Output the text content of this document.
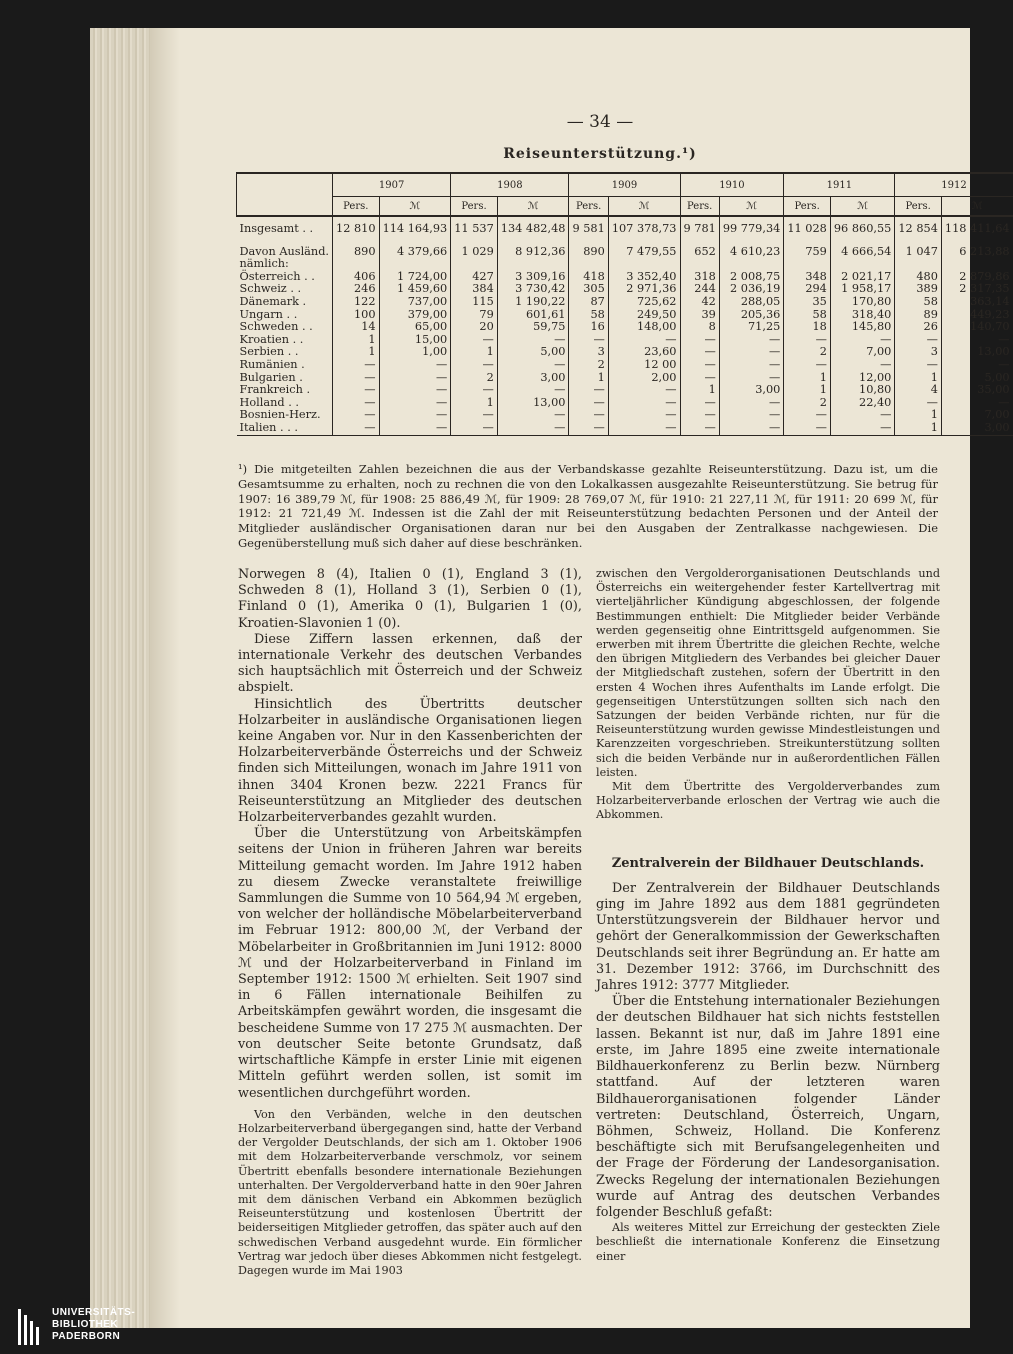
— 34 —
Reiseunterstützung.¹)
	1907		1908		1909		1910		1911		1912	
	Pers.	ℳ	Pers.	ℳ	Pers.	ℳ	Pers.	ℳ	Pers.	ℳ	Pers.	ℳ
Insgesamt . .	12 810	114 164,93	11 537	134 482,48	9 581	107 378,73	9 781	99 779,34	11 028	96 860,55	12 854	118 411,64

Davon Ausländ.	890	4 379,66	1 029	8 912,36	890	7 479,55	652	4 610,23	759	4 666,54	1 047	6 213,88
nämlich:												
Österreich . .	406	1 724,00	427	3 309,16	418	3 352,40	318	2 008,75	348	2 021,17	480	2 879,86
Schweiz . .	246	1 459,60	384	3 730,42	305	2 971,36	244	2 036,19	294	1 958,17	389	2 317,35
Dänemark .	122	737,00	115	1 190,22	87	725,62	42	288,05	35	170,80	58	363,14
Ungarn . .	100	379,00	79	601,61	58	249,50	39	205,36	58	318,40	89	449,23
Schweden . .	14	65,00	20	59,75	16	148,00	8	71,25	18	145,80	26	140,70
Kroatien . .	1	15,00	—	—	—	—	—	—	—	—	—	—
Serbien . .	1	1,00	1	5,00	3	23,60	—	—	2	7,00	3	13,00
Rumänien .	—	—	—	—	2	12 00	—	—	—	—	—	—
Bulgarien .	—	—	2	3,00	1	2,00	—	—	1	12,00	1	5,00
Frankreich .	—	—	—	—	—	—	1	3,00	1	10,80	4	35,00
Holland . .	—	—	1	13,00	—	—	—	—	2	22,40	—	—
Bosnien-Herz.	—	—	—	—	—	—	—	—	—	—	1	7,00
Italien . . .	—	—	—	—	—	—	—	—	—	—	1	3,00
¹) Die mitgeteilten Zahlen bezeichnen die aus der Verbandskasse gezahlte Reiseunterstützung. Dazu ist, um die Gesamtsumme zu erhalten, noch zu rechnen die von den Lokalkassen ausgezahlte Reiseunterstützung. Sie betrug für 1907: 16 389,79 ℳ, für 1908: 25 886,49 ℳ, für 1909: 28 769,07 ℳ, für 1910: 21 227,11 ℳ, für 1911: 20 699 ℳ, für 1912: 21 721,49 ℳ. Indessen ist die Zahl der mit Reiseunterstützung bedachten Personen und der Anteil der Mitglieder ausländischer Organisationen daran nur bei den Ausgaben der Zentralkasse nachgewiesen. Die Gegenüberstellung muß sich daher auf diese beschränken.

Norwegen 8 (4), Italien 0 (1), England 3 (1), Schweden 8 (1), Holland 3 (1), Serbien 0 (1), Finland 0 (1), Amerika 0 (1), Bulgarien 1 (0), Kroatien-Slavonien 1 (0).

Diese Ziffern lassen erkennen, daß der internationale Verkehr des deutschen Verbandes sich hauptsächlich mit Österreich und der Schweiz abspielt.

Hinsichtlich des Übertritts deutscher Holzarbeiter in ausländische Organisationen liegen keine Angaben vor. Nur in den Kassenberichten der Holzarbeiterverbände Österreichs und der Schweiz finden sich Mitteilungen, wonach im Jahre 1911 von ihnen 3404 Kronen bezw. 2221 Francs für Reiseunterstützung an Mitglieder des deutschen Holzarbeiterverbandes gezahlt wurden.

Über die Unterstützung von Arbeitskämpfen seitens der Union in früheren Jahren war bereits Mitteilung gemacht worden. Im Jahre 1912 haben zu diesem Zwecke veranstaltete freiwillige Sammlungen die Summe von 10 564,94 ℳ ergeben, von welcher der holländische Möbelarbeiterverband im Februar 1912: 800,00 ℳ, der Verband der Möbelarbeiter in Großbritannien im Juni 1912: 8000 ℳ und der Holzarbeiterverband in Finland im September 1912: 1500 ℳ erhielten. Seit 1907 sind in 6 Fällen internationale Beihilfen zu Arbeitskämpfen gewährt worden, die insgesamt die bescheidene Summe von 17 275 ℳ ausmachten. Der von deutscher Seite betonte Grundsatz, daß wirtschaftliche Kämpfe in erster Linie mit eigenen Mitteln geführt werden sollen, ist somit im wesentlichen durchgeführt worden.

Von den Verbänden, welche in den deutschen Holzarbeiterverband übergegangen sind, hatte der Verband der Vergolder Deutschlands, der sich am 1. Oktober 1906 mit dem Holzarbeiterverbande verschmolz, vor seinem Übertritt ebenfalls besondere internationale Beziehungen unterhalten. Der Vergolderverband hatte in den 90er Jahren mit dem dänischen Verband ein Abkommen bezüglich Reiseunterstützung und kostenlosen Übertritt der beiderseitigen Mitglieder getroffen, das später auch auf den schwedischen Verband ausgedehnt wurde. Ein förmlicher Vertrag war jedoch über dieses Abkommen nicht festgelegt. Dagegen wurde im Mai 1903

zwischen den Vergolderorganisationen Deutschlands und Österreichs ein weitergehender fester Kartellvertrag mit vierteljährlicher Kündigung abgeschlossen, der folgende Bestimmungen enthielt: Die Mitglieder beider Verbände werden gegenseitig ohne Eintrittsgeld aufgenommen. Sie erwerben mit ihrem Übertritte die gleichen Rechte, welche den übrigen Mitgliedern des Verbandes bei gleicher Dauer der Mitgliedschaft zustehen, sofern der Übertritt in den ersten 4 Wochen ihres Aufenthalts im Lande erfolgt. Die gegenseitigen Unterstützungen sollten sich nach den Satzungen der beiden Verbände richten, nur für die Reiseunterstützung wurden gewisse Mindestleistungen und Karenzzeiten vorgeschrieben. Streikunterstützung sollten sich die beiden Verbände nur in außerordentlichen Fällen leisten.

Mit dem Übertritte des Vergolderverbandes zum Holzarbeiterverbande erloschen der Vertrag wie auch die Abkommen.

Zentralverein der Bildhauer Deutschlands.

Der Zentralverein der Bildhauer Deutschlands ging im Jahre 1892 aus dem 1881 gegründeten Unterstützungsverein der Bildhauer hervor und gehört der Generalkommission der Gewerkschaften Deutschlands seit ihrer Begründung an. Er hatte am 31. Dezember 1912: 3766, im Durchschnitt des Jahres 1912: 3777 Mitglieder.

Über die Entstehung internationaler Beziehungen der deutschen Bildhauer hat sich nichts feststellen lassen. Bekannt ist nur, daß im Jahre 1891 eine erste, im Jahre 1895 eine zweite internationale Bildhauerkonferenz zu Berlin bezw. Nürnberg stattfand. Auf der letzteren waren Bildhauerorganisationen folgender Länder vertreten: Deutschland, Österreich, Ungarn, Böhmen, Schweiz, Holland. Die Konferenz beschäftigte sich mit Berufsangelegenheiten und der Frage der Förderung der Landesorganisation. Zwecks Regelung der internationalen Beziehungen wurde auf Antrag des deutschen Verbandes folgender Beschluß gefaßt:

Als weiteres Mittel zur Erreichung der gesteckten Ziele beschließt die internationale Konferenz die Einsetzung einer

UNIVERSITÄTS-
BIBLIOTHEK
PADERBORN
